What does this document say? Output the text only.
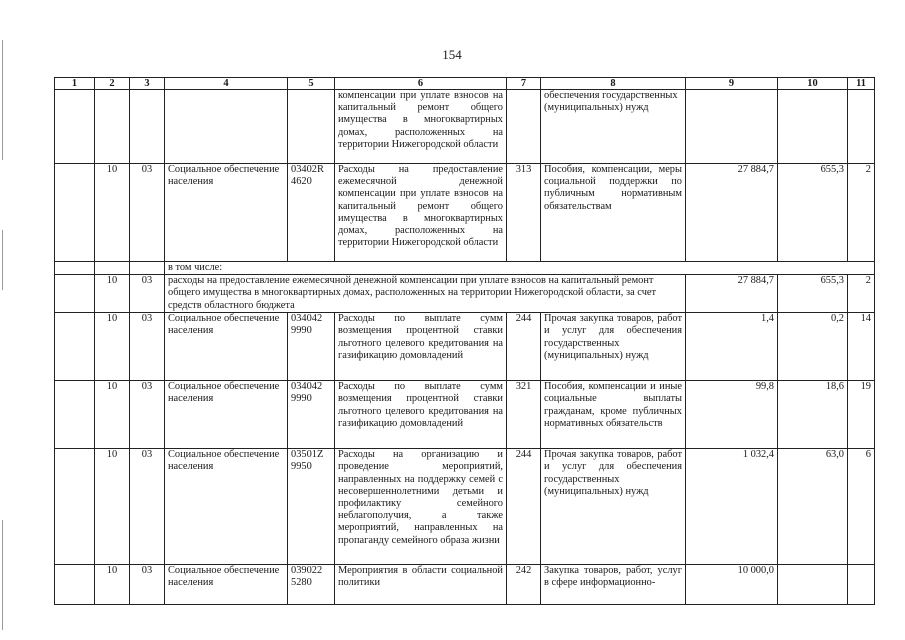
154
1	2	3	4	5	6	7	8	9	10	11
					компенсации при уплате взносов на капитальный ремонт общего имущества в многоквартирных домах, расположенных на территории Нижегородской области		обеспечения государственных (муниципальных) нужд			
	10	03	Социальное обеспечение населения	03402R 4620	Расходы на предоставление ежемесячной денежной компенсации при уплате взносов на капитальный ремонт общего имущества в многоквартирных домах, расположенных на территории Нижегородской области	313	Пособия, компенсации, меры социальной поддержки по публичным нормативным обязательствам	27 884,7	655,3	2
			в том числе:							
	10	03	расходы на предоставление ежемесячной денежной компенсации при уплате взносов на капитальный ремонт общего имущества в многоквартирных домах, расположенных на территории Нижегородской области, за счет средств областного бюджета					27 884,7	655,3	2
	10	03	Социальное обеспечение населения	034042 9990	Расходы по выплате сумм возмещения процентной ставки льготного целевого кредитования на газификацию домовладений	244	Прочая закупка товаров, работ и услуг для обеспечения государственных (муниципальных) нужд	1,4	0,2	14
	10	03	Социальное обеспечение населения	034042 9990	Расходы по выплате сумм возмещения процентной ставки льготного целевого кредитования на газификацию домовладений	321	Пособия, компенсации и иные социальные выплаты гражданам, кроме публичных нормативных обязательств	99,8	18,6	19
	10	03	Социальное обеспечение населения	03501Z 9950	Расходы на организацию и проведение мероприятий, направленных на поддержку семей с несовершеннолетними детьми и профилактику семейного неблагополучия, а также мероприятий, направленных на пропаганду семейного образа жизни	244	Прочая закупка товаров, работ и услуг для обеспечения государственных (муниципальных) нужд	1 032,4	63,0	6
	10	03	Социальное обеспечение населения	039022 5280	Мероприятия в области социальной политики	242	Закупка товаров, работ, услуг в сфере информационно-	10 000,0		
